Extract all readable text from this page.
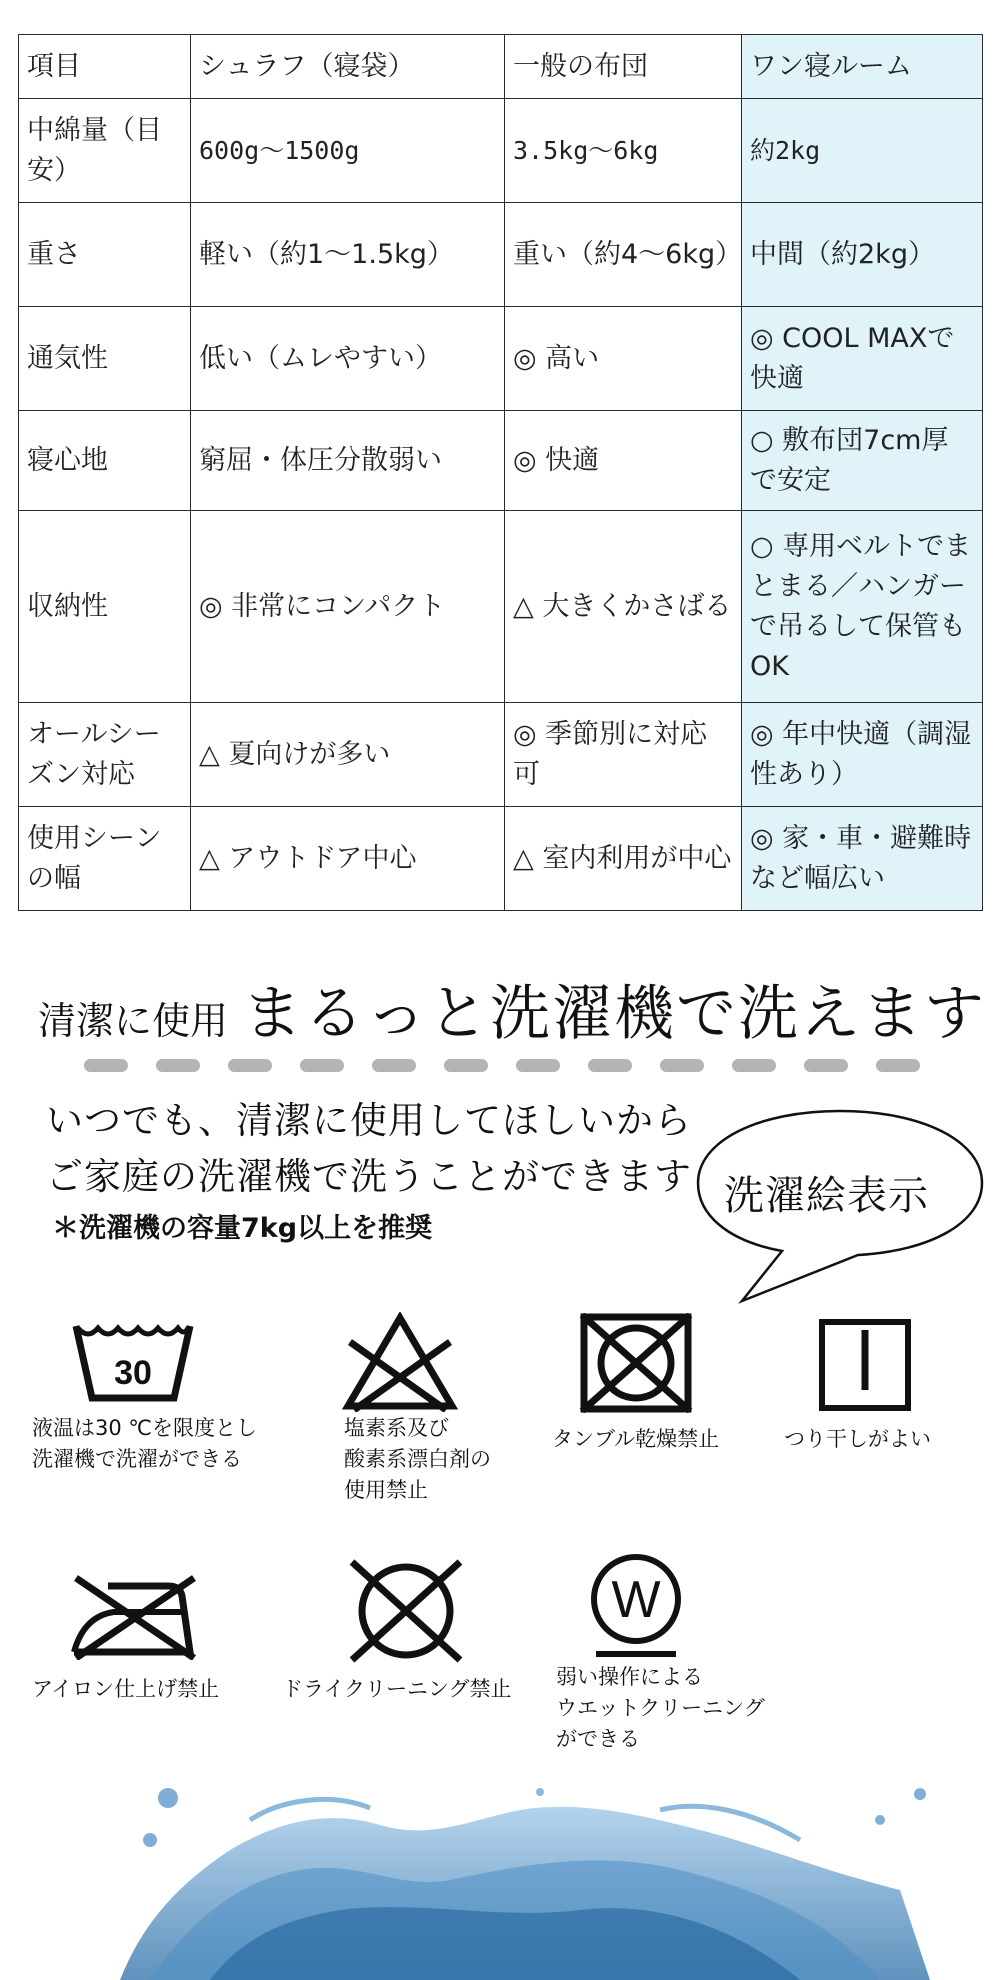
項目	シュラフ（寝袋）	一般の布団	ワン寝ルーム
中綿量（目安）	600g〜1500g	3.5kg〜6kg	約2kg
重さ	軽い（約1〜1.5kg）	重い（約4〜6kg）	中間（約2kg）
通気性	低い（ムレやすい）	◎ 高い	◎ COOL MAXで快適
寝心地	窮屈・体圧分散弱い	◎ 快適	○ 敷布団7cm厚で安定
収納性	◎ 非常にコンパクト	△ 大きくかさばる	○ 専用ベルトでまとまる／ハンガーで吊るして保管もOK
オールシーズン対応	△ 夏向けが多い	◎ 季節別に対応可	◎ 年中快適（調湿性あり）
使用シーンの幅	△ アウトドア中心	△ 室内利用が中心	◎ 家・車・避難時など幅広い
清潔に使用 まるっと洗濯機で洗えます
いつでも、清潔に使用してほしいから
ご家庭の洗濯機で洗うことができます
＊洗濯機の容量7kg以上を推奨
洗濯絵表示
30
液温は30 ℃を限度とし
洗濯機で洗濯ができる
塩素系及び
酸素系漂白剤の
使用禁止
タンブル乾燥禁止	つり干しがよい
アイロン仕上げ禁止	ドライクリーニング禁止
W
弱い操作による
ウエットクリーニング
ができる
